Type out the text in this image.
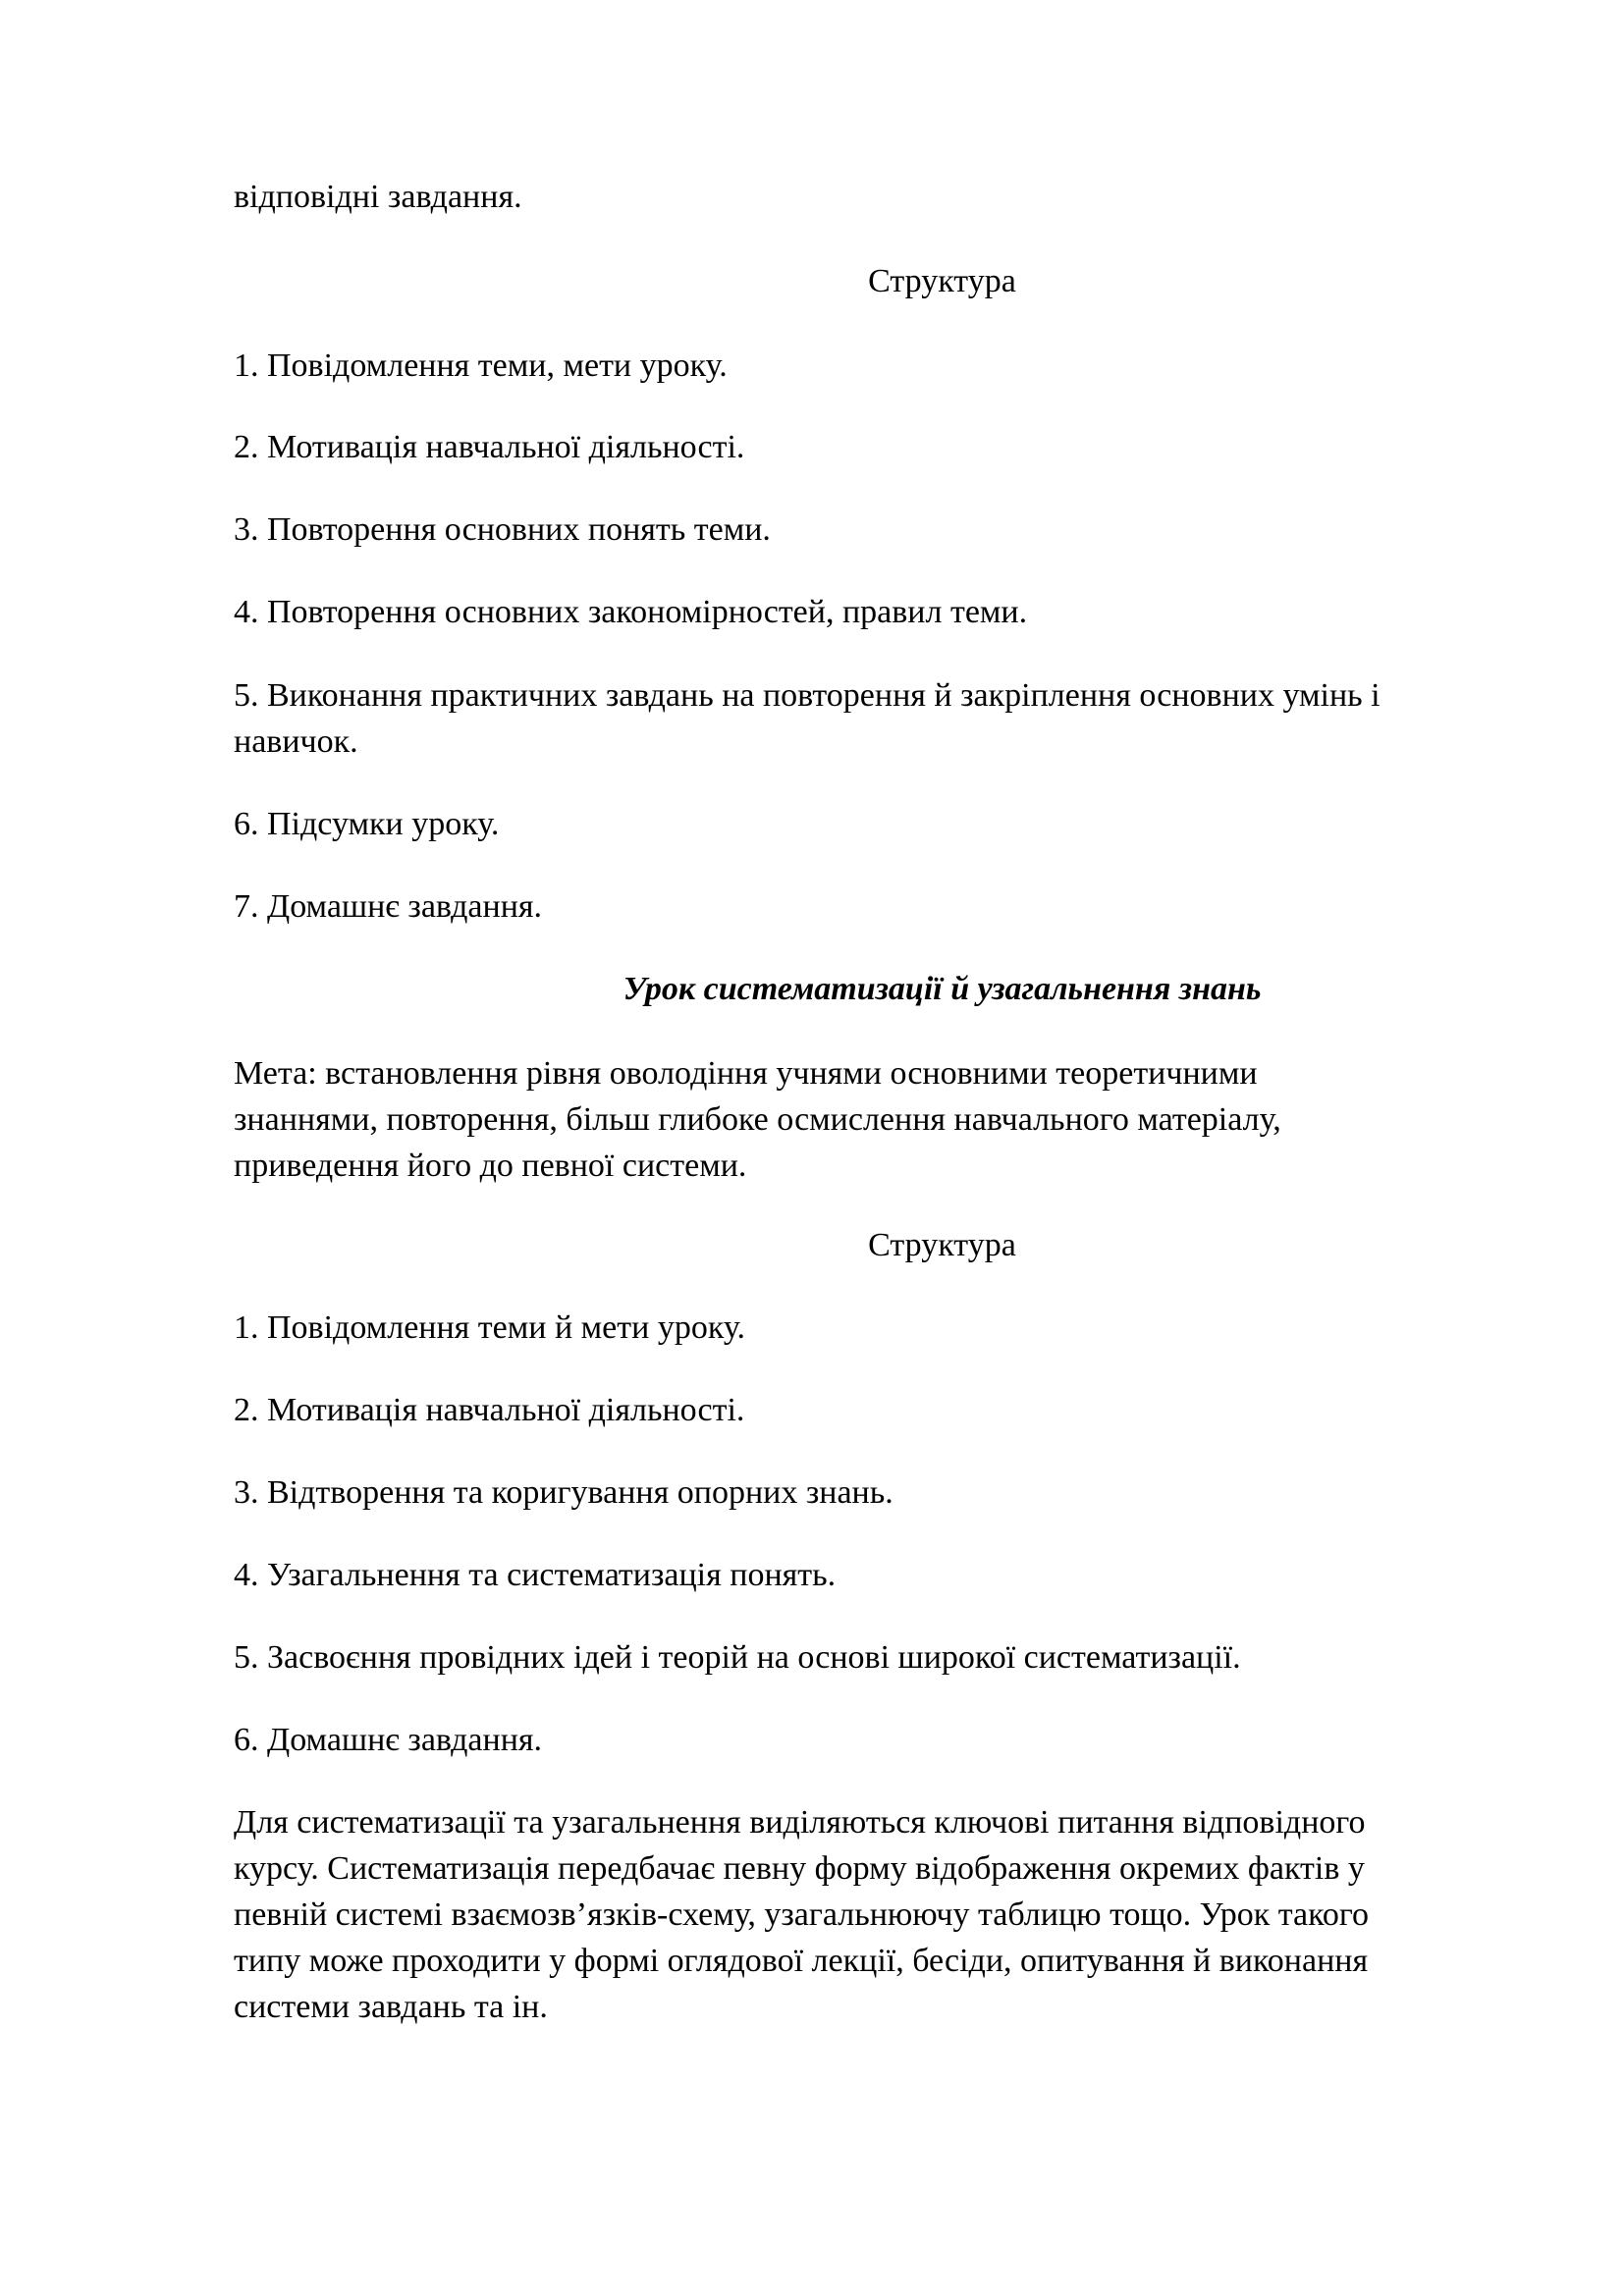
відповідні завдання.

Структура

1. Повідомлення теми, мети уроку.

2. Мотивація навчальної діяльності.

3. Повторення основних понять теми.

4. Повторення основних закономірностей, правил теми.

5. Виконання практичних завдань на повторення й закріплення основних умінь і

навичок.

6. Підсумки уроку.

7. Домашнє завдання.

Урок систематизації й узагальнення знань

Мета: встановлення рівня оволодіння учнями основними теоретичними

знаннями, повторення, більш глибоке осмислення навчального матеріалу,

приведення його до певної системи.

Структура

1. Повідомлення теми й мети уроку.

2. Мотивація навчальної діяльності.

3. Відтворення та коригування опорних знань.

4. Узагальнення та систематизація понять.

5. Засвоєння провідних ідей і теорій на основі широкої систематизації.

6. Домашнє завдання.

Для систематизації та узагальнення виділяються ключові питання відповідного

курсу. Систематизація передбачає певну форму відображення окремих фактів у

певній системі взаємозв’язків-схему, узагальнюючу таблицю тощо. Урок такого

типу може проходити у формі оглядової лекції, бесіди, опитування й виконання

системи завдань та ін.
